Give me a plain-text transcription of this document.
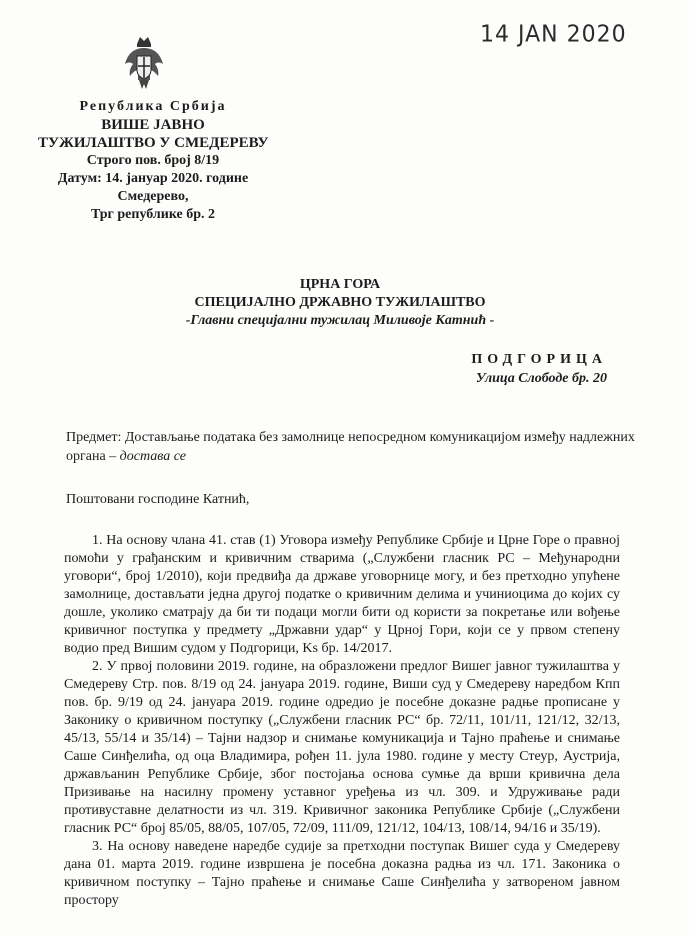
14 JAN 2020
Република Србија
ВИШЕ ЈАВНО
ТУЖИЛАШТВО У СМЕДЕРЕВУ
Строго пов. број 8/19
Датум: 14. јануар 2020. године
Смедерево,
Трг републике бр. 2
ЦРНА ГОРА
СПЕЦИЈАЛНО ДРЖАВНО ТУЖИЛАШТВО
-Главни специјални тужилац Миливоје Катнић -
ПОДГОРИЦА
Улица Слободе бр. 20
Предмет: Достављање података без замолнице непосредном комуникацијом између надлежних органа – достава се
Поштовани господине Катнић,

1. На основу члана 41. став (1) Уговора између Републике Србије и Црне Горе о правној помоћи у грађанским и кривичним стварима („Службени гласник РС – Међународни уговори“, број 1/2010), који предвиђа да државе уговорнице могу, и без претходно упућене замолнице, достављати једна другој податке о кривичним делима и учиниоцима до којих су дошле, уколико сматрају да би ти подаци могли бити од користи за покретање или вођење кривичног поступка у предмету „Државни удар“ у Црној Гори, који се у првом степену водио пред Вишим судом у Подгорици, Ks бр. 14/2017.

2. У првој половини 2019. године, на образложени предлог Вишег јавног тужилаштва у Смедереву Стр. пов. 8/19 од 24. јануара 2019. године, Виши суд у Смедереву наредбом Кпп пов. бр. 9/19 од 24. јануара 2019. године одредио је посебне доказне радње прописане у Законику о кривичном поступку („Службени гласник РС“ бр. 72/11, 101/11, 121/12, 32/13, 45/13, 55/14 и 35/14) – Тајни надзор и снимање комуникација и Тајно праћење и снимање Саше Синђелића, од оца Владимира, рођен 11. јула 1980. године у месту Стеур, Аустрија, држављанин Републике Србије, због постојања основа сумње да врши кривична дела Призивање на насилну промену уставног уређења из чл. 309. и Удруживање ради противуставне делатности из чл. 319. Кривичног законика Републике Србије („Службени гласник РС“ број 85/05, 88/05, 107/05, 72/09, 111/09, 121/12, 104/13, 108/14, 94/16 и 35/19).

3. На основу наведене наредбе судије за претходни поступак Вишег суда у Смедереву дана 01. марта 2019. године извршена је посебна доказна радња из чл. 171. Законика о кривичном поступку – Тајно праћење и снимање Саше Синђелића у затвореном јавном простору
